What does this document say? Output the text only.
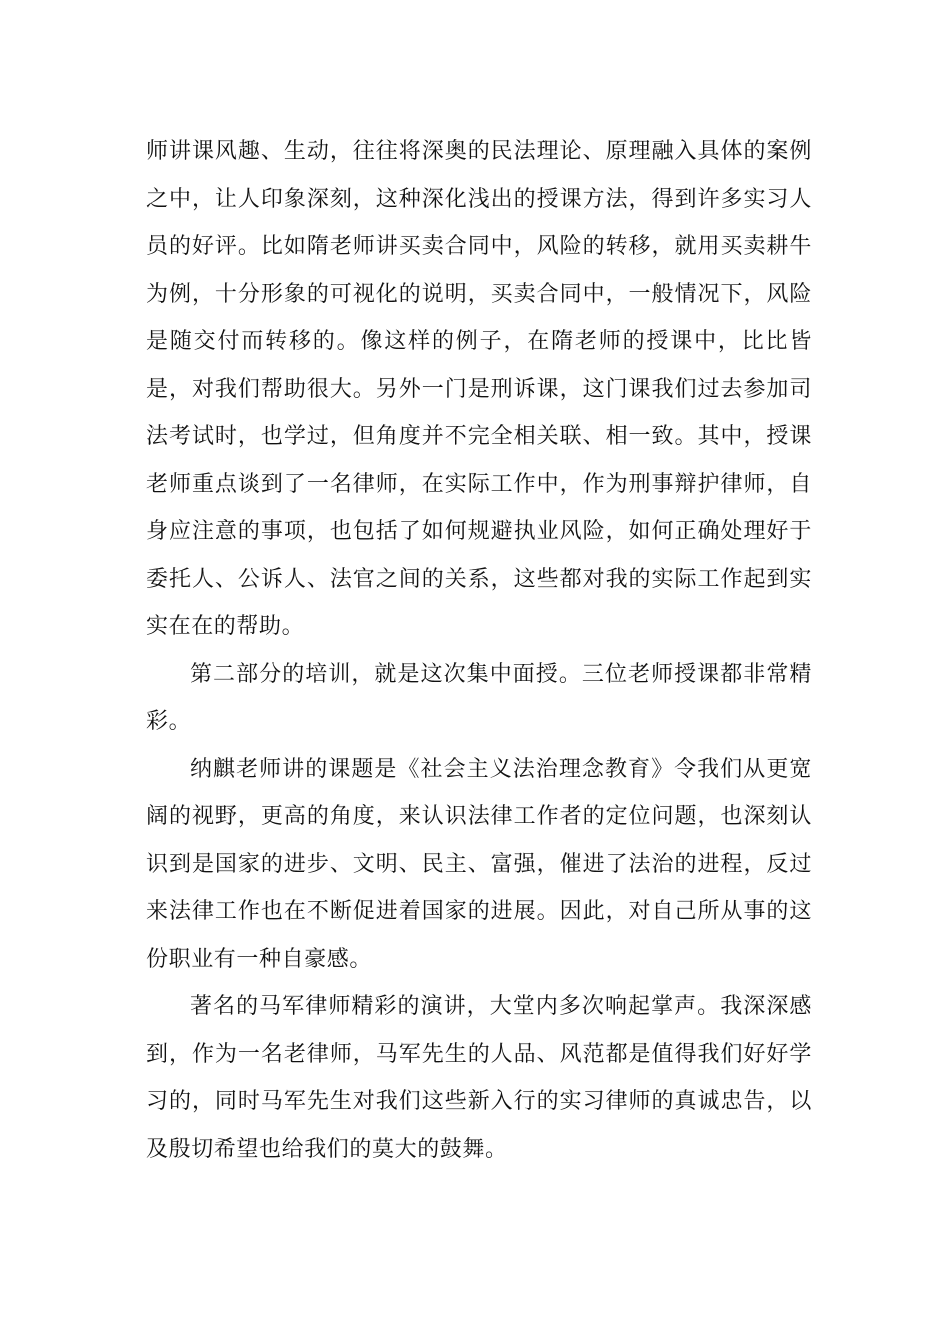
师讲课风趣、生动，往往将深奥的民法理论、原理融入具体的案例之中，让人印象深刻，这种深化浅出的授课方法，得到许多实习人员的好评。比如隋老师讲买卖合同中，风险的转移，就用买卖耕牛为例，十分形象的可视化的说明，买卖合同中，一般情况下，风险是随交付而转移的。像这样的例子，在隋老师的授课中，比比皆是，对我们帮助很大。另外一门是刑诉课，这门课我们过去参加司法考试时，也学过，但角度并不完全相关联、相一致。其中，授课老师重点谈到了一名律师，在实际工作中，作为刑事辩护律师，自身应注意的事项，也包括了如何规避执业风险，如何正确处理好于委托人、公诉人、法官之间的关系，这些都对我的实际工作起到实实在在的帮助。

第二部分的培训，就是这次集中面授。三位老师授课都非常精彩。

纳麒老师讲的课题是《社会主义法治理念教育》令我们从更宽阔的视野，更高的角度，来认识法律工作者的定位问题，也深刻认识到是国家的进步、文明、民主、富强，催进了法治的进程，反过来法律工作也在不断促进着国家的进展。因此，对自己所从事的这份职业有一种自豪感。

著名的马军律师精彩的演讲，大堂内多次响起掌声。我深深感到，作为一名老律师，马军先生的人品、风范都是值得我们好好学习的，同时马军先生对我们这些新入行的实习律师的真诚忠告，以及殷切希望也给我们的莫大的鼓舞。
